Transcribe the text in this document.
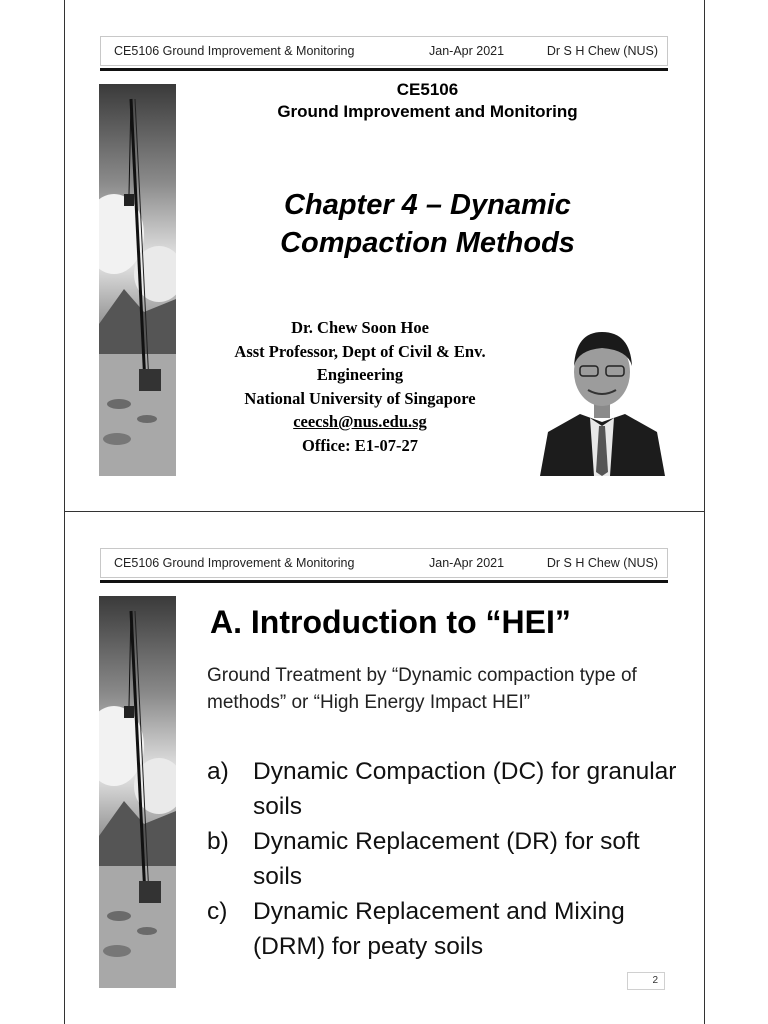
CE5106 Ground Improvement & Monitoring	Jan-Apr 2021	Dr S H Chew (NUS)
CE5106
Ground Improvement and Monitoring
Chapter 4 – Dynamic
Compaction Methods
Dr. Chew Soon Hoe
Asst Professor, Dept of Civil & Env.
Engineering
National University of Singapore
ceecsh@nus.edu.sg
Office: E1-07-27
CE5106 Ground Improvement & Monitoring	Jan-Apr 2021	Dr S H Chew (NUS)
A. Introduction to “HEI”
Ground Treatment by “Dynamic compaction type of methods” or “High Energy Impact HEI”
a) Dynamic Compaction (DC) for granular soils
b) Dynamic Replacement (DR) for soft soils
c) Dynamic Replacement and Mixing (DRM) for peaty soils
2
